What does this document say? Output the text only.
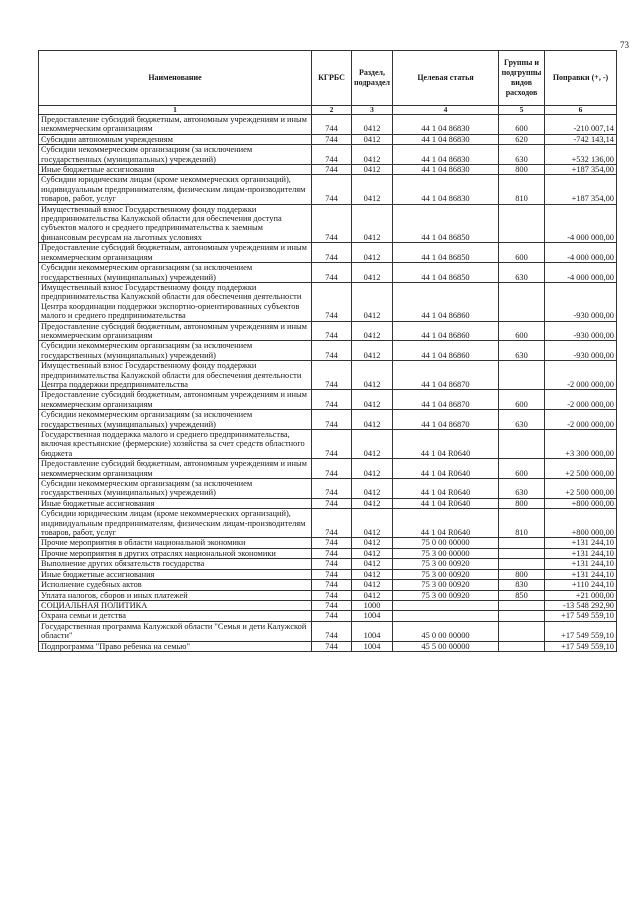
73
Наименование	КГРБС	Раздел, подраздел	Целевая статья	Группы и подгруппы видов расходов	Поправки (+, -)
1	2	3	4	5	6
Предоставление субсидий бюджетным, автономным учреждениям и иным некоммерческим организациям	744	0412	44 1 04 86830	600	-210 007,14
Субсидии автономным учреждениям	744	0412	44 1 04 86830	620	-742 143,14
Субсидии некоммерческим организациям (за исключением государственных (муниципальных) учреждений)	744	0412	44 1 04 86830	630	+532 136,00
Иные бюджетные ассигнования	744	0412	44 1 04 86830	800	+187 354,00
Субсидии юридическим лицам (кроме некоммерческих организаций), индивидуальным предпринимателям, физическим лицам-производителям товаров, работ, услуг	744	0412	44 1 04 86830	810	+187 354,00
Имущественный взнос Государственному фонду поддержки предпринимательства Калужской области для обеспечения доступа субъектов малого и среднего предпринимательства к заемным финансовым ресурсам на льготных условиях	744	0412	44 1 04 86850		-4 000 000,00
Предоставление субсидий бюджетным, автономным учреждениям и иным некоммерческим организациям	744	0412	44 1 04 86850	600	-4 000 000,00
Субсидии некоммерческим организациям (за исключением государственных (муниципальных) учреждений)	744	0412	44 1 04 86850	630	-4 000 000,00
Имущественный взнос Государственному фонду поддержки предпринимательства Калужской области для обеспечения деятельности Центра координации поддержки экспортно-ориентированных субъектов малого и среднего предпринимательства	744	0412	44 1 04 86860		-930 000,00
Предоставление субсидий бюджетным, автономным учреждениям и иным некоммерческим организациям	744	0412	44 1 04 86860	600	-930 000,00
Субсидии некоммерческим организациям (за исключением государственных (муниципальных) учреждений)	744	0412	44 1 04 86860	630	-930 000,00
Имущественный взнос Государственному фонду поддержки предпринимательства Калужской области для обеспечения деятельности Центра поддержки предпринимательства	744	0412	44 1 04 86870		-2 000 000,00
Предоставление субсидий бюджетным, автономным учреждениям и иным некоммерческим организациям	744	0412	44 1 04 86870	600	-2 000 000,00
Субсидии некоммерческим организациям (за исключением государственных (муниципальных) учреждений)	744	0412	44 1 04 86870	630	-2 000 000,00
Государственная поддержка малого и среднего предпринимательства, включая крестьянские (фермерские) хозяйства за счет средств областного бюджета	744	0412	44 1 04 R0640		+3 300 000,00
Предоставление субсидий бюджетным, автономным учреждениям и иным некоммерческим организациям	744	0412	44 1 04 R0640	600	+2 500 000,00
Субсидии некоммерческим организациям (за исключением государственных (муниципальных) учреждений)	744	0412	44 1 04 R0640	630	+2 500 000,00
Иные бюджетные ассигнования	744	0412	44 1 04 R0640	800	+800 000,00
Субсидии юридическим лицам (кроме некоммерческих организаций), индивидуальным предпринимателям, физическим лицам-производителям товаров, работ, услуг	744	0412	44 1 04 R0640	810	+800 000,00
Прочие мероприятия в области национальной экономики	744	0412	75 0 00 00000		+131 244,10
Прочие мероприятия в других отраслях национальной экономики	744	0412	75 3 00 00000		+131 244,10
Выполнение других обязательств государства	744	0412	75 3 00 00920		+131 244,10
Иные бюджетные ассигнования	744	0412	75 3 00 00920	800	+131 244,10
Исполнение судебных актов	744	0412	75 3 00 00920	830	+110 244,10
Уплата налогов, сборов и иных платежей	744	0412	75 3 00 00920	850	+21 000,00
СОЦИАЛЬНАЯ ПОЛИТИКА	744	1000			-13 548 292,90
Охрана семьи и детства	744	1004			+17 549 559,10
Государственная программа Калужской области "Семья и дети Калужской области"	744	1004	45 0 00 00000		+17 549 559,10
Подпрограмма "Право ребенка на семью"	744	1004	45 5 00 00000		+17 549 559,10
